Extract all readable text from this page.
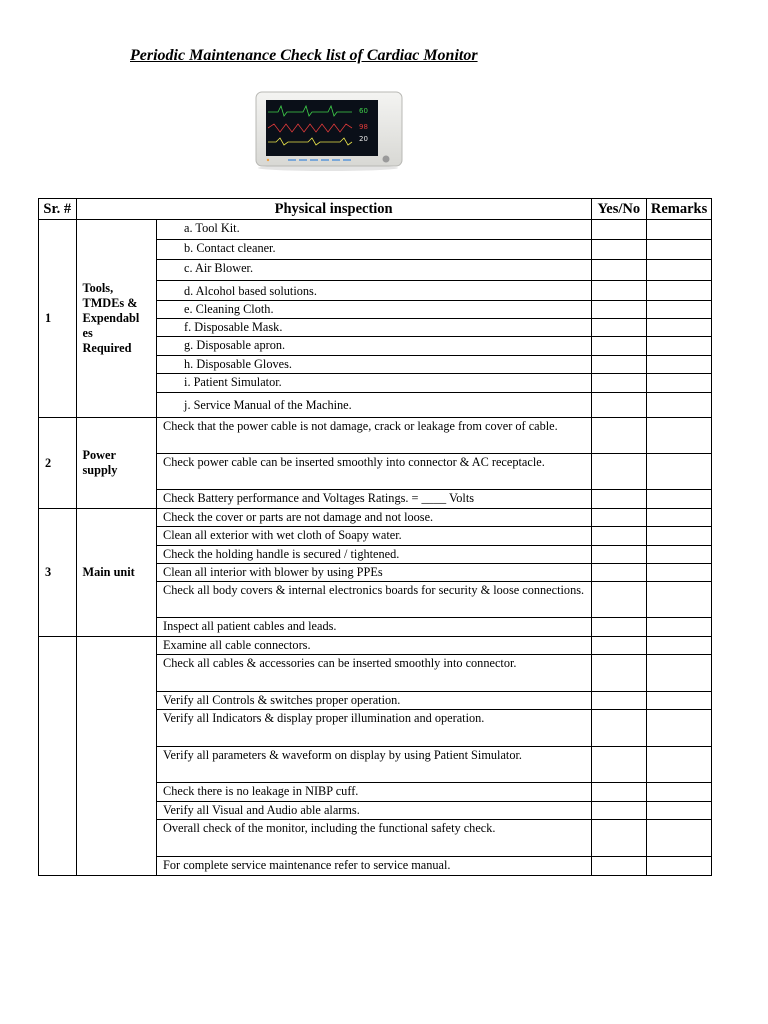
Periodic Maintenance Check list of Cardiac Monitor
60
98
20
Sr. #	Physical inspection		Yes/No	Remarks
1	Tools,
TMDEs &
Expendabl
es
Required	a. Tool Kit.		
		b. Contact cleaner.		
		c. Air Blower.		
		d. Alcohol based solutions.		
		e. Cleaning Cloth.		
		f. Disposable Mask.		
		g. Disposable apron.		
		h. Disposable Gloves.		
		i. Patient Simulator.		
		j. Service Manual of the Machine.		
2	Power supply	Check that the power cable is not damage, crack or leakage from cover of cable.		
		Check power cable can be inserted smoothly into connector & AC receptacle.		
		Check Battery performance and Voltages Ratings. = ____ Volts		
3	Main unit	Check the cover or parts are not damage and not loose.		
		Clean all exterior with wet cloth of Soapy water.		
		Check the holding handle is secured / tightened.		
		Clean all interior with blower by using PPEs		
		Check all body covers & internal electronics boards for security & loose connections.		
		Inspect all patient cables and leads.		
		Examine all cable connectors.		
		Check all cables & accessories can be inserted smoothly into connector.		
		Verify all Controls & switches proper operation.		
		Verify all Indicators & display proper illumination and operation.		
		Verify all parameters & waveform on display by using Patient Simulator.		
		Check there is no leakage in NIBP cuff.		
		Verify all Visual and Audio able alarms.		
		Overall check of the monitor, including the functional safety check.		
		For complete service maintenance refer to service manual.		
